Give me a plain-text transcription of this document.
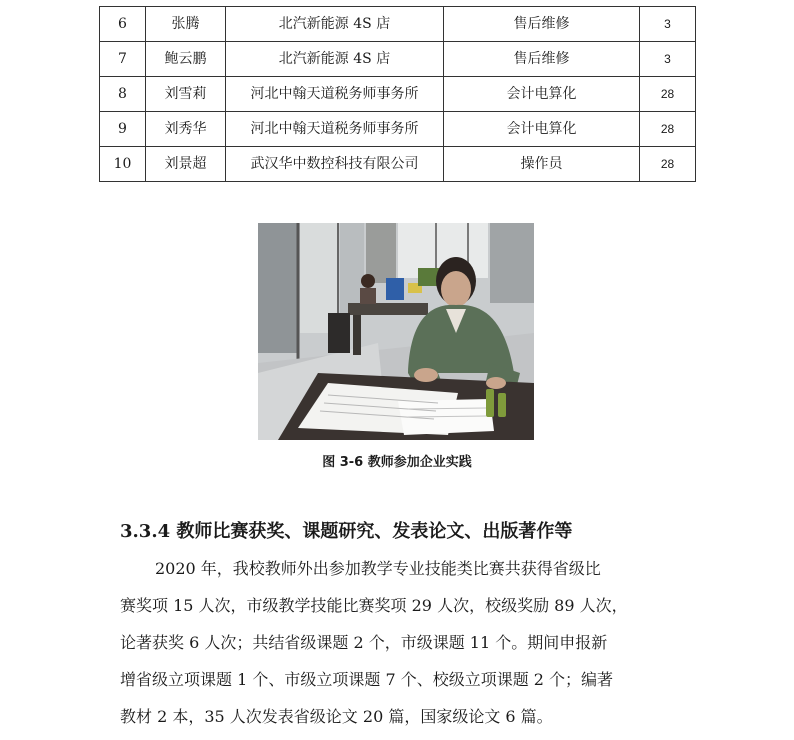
6	张腾	北汽新能源 4S 店	售后维修	3
7	鲍云鹏	北汽新能源 4S 店	售后维修	3
8	刘雪莉	河北中翰天道税务师事务所	会计电算化	28
9	刘秀华	河北中翰天道税务师事务所	会计电算化	28
10	刘景超	武汉华中数控科技有限公司	操作员	28
图 3-6 教师参加企业实践
3.3.4 教师比赛获奖、课题研究、发表论文、出版著作等
2020 年，我校教师外出参加教学专业技能类比赛共获得省级比
赛奖项 15 人次，市级教学技能比赛奖项 29 人次，校级奖励 89 人次，
论著获奖 6 人次；共结省级课题 2 个，市级课题 11 个。期间申报新
增省级立项课题 1 个、市级立项课题 7 个、校级立项课题 2 个；编著
教材 2 本，35 人次发表省级论文 20 篇，国家级论文 6 篇。
